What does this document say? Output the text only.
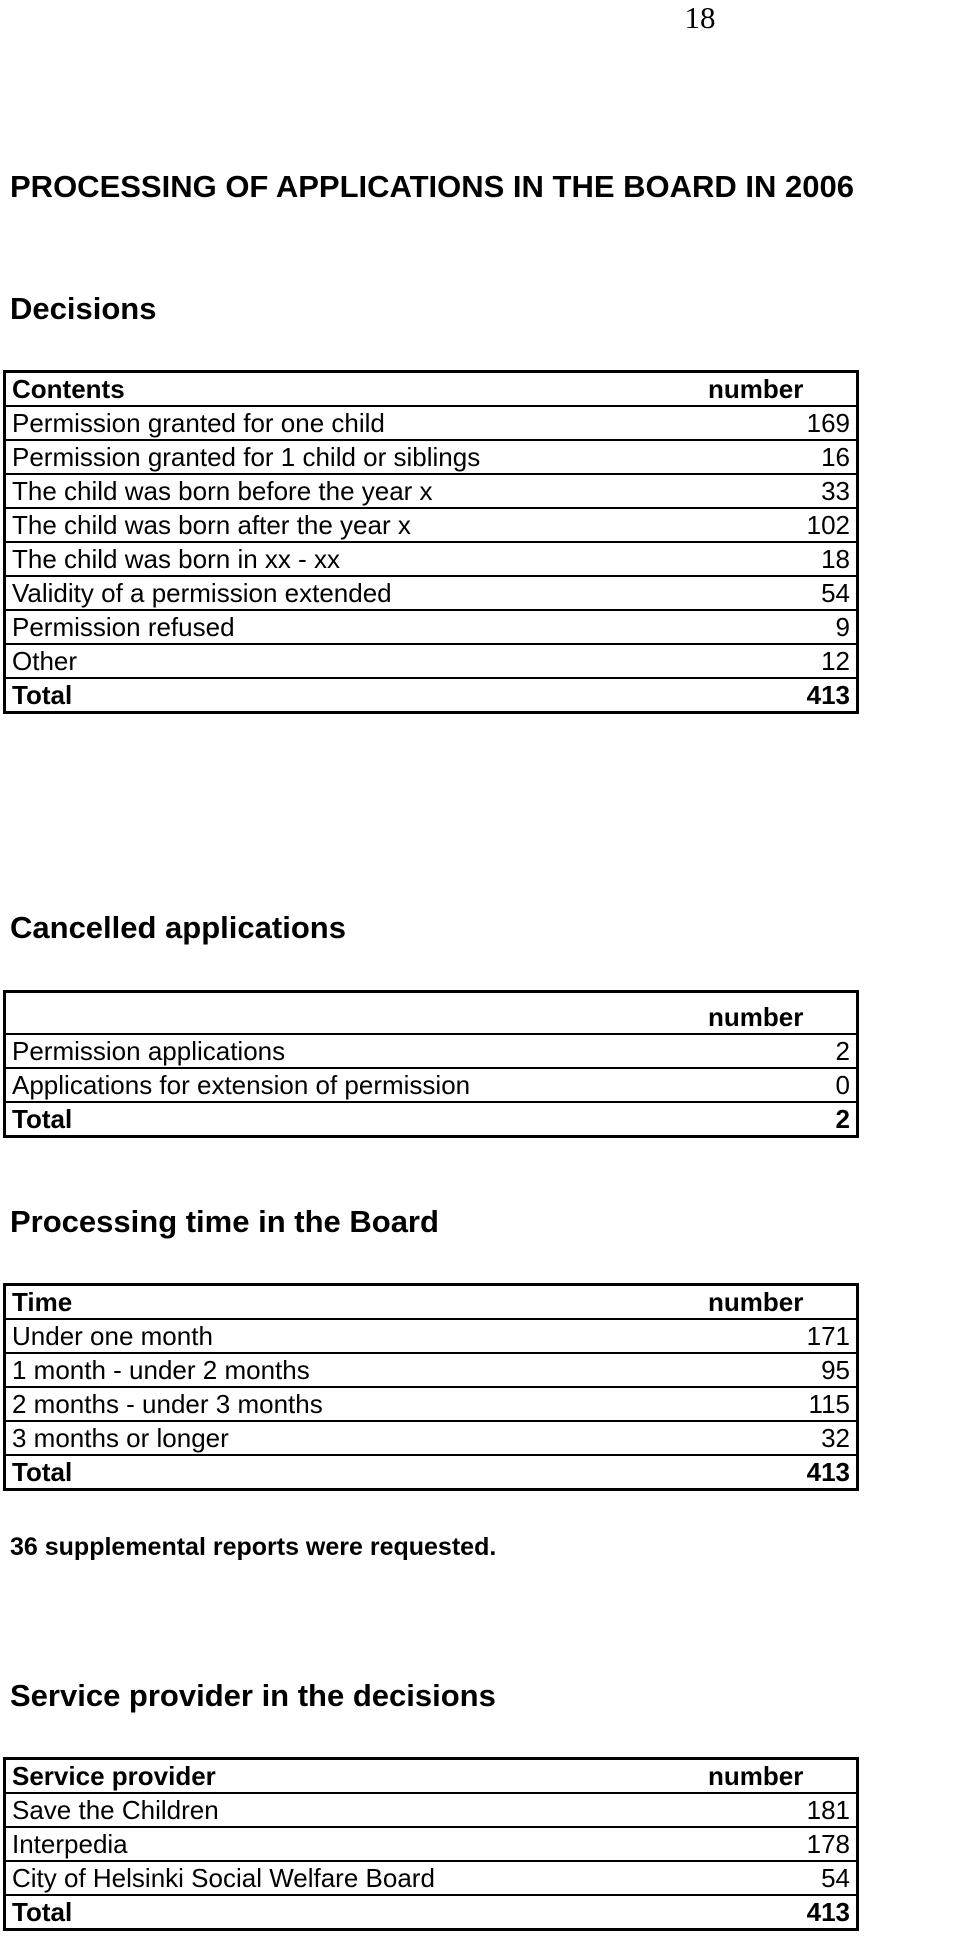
18
PROCESSING OF APPLICATIONS IN THE BOARD IN 2006
Decisions
Contents	number
Permission granted for one child	169
Permission granted for 1 child or siblings	16
The child was born before the year x	33
The child was born after the year x	102
The child was born in xx - xx	18
Validity of a permission extended	54
Permission refused	9
Other	12
Total	413
Cancelled applications
	number
Permission applications	2
Applications for extension of permission	0
Total	2
Processing time in the Board
Time	number
Under one month	171
1 month - under 2 months	95
2 months - under 3 months	115
3 months or longer	32
Total	413
36 supplemental reports were requested.
Service provider in the decisions
Service provider	number
Save the Children	181
Interpedia	178
City of Helsinki Social Welfare Board	54
Total	413
